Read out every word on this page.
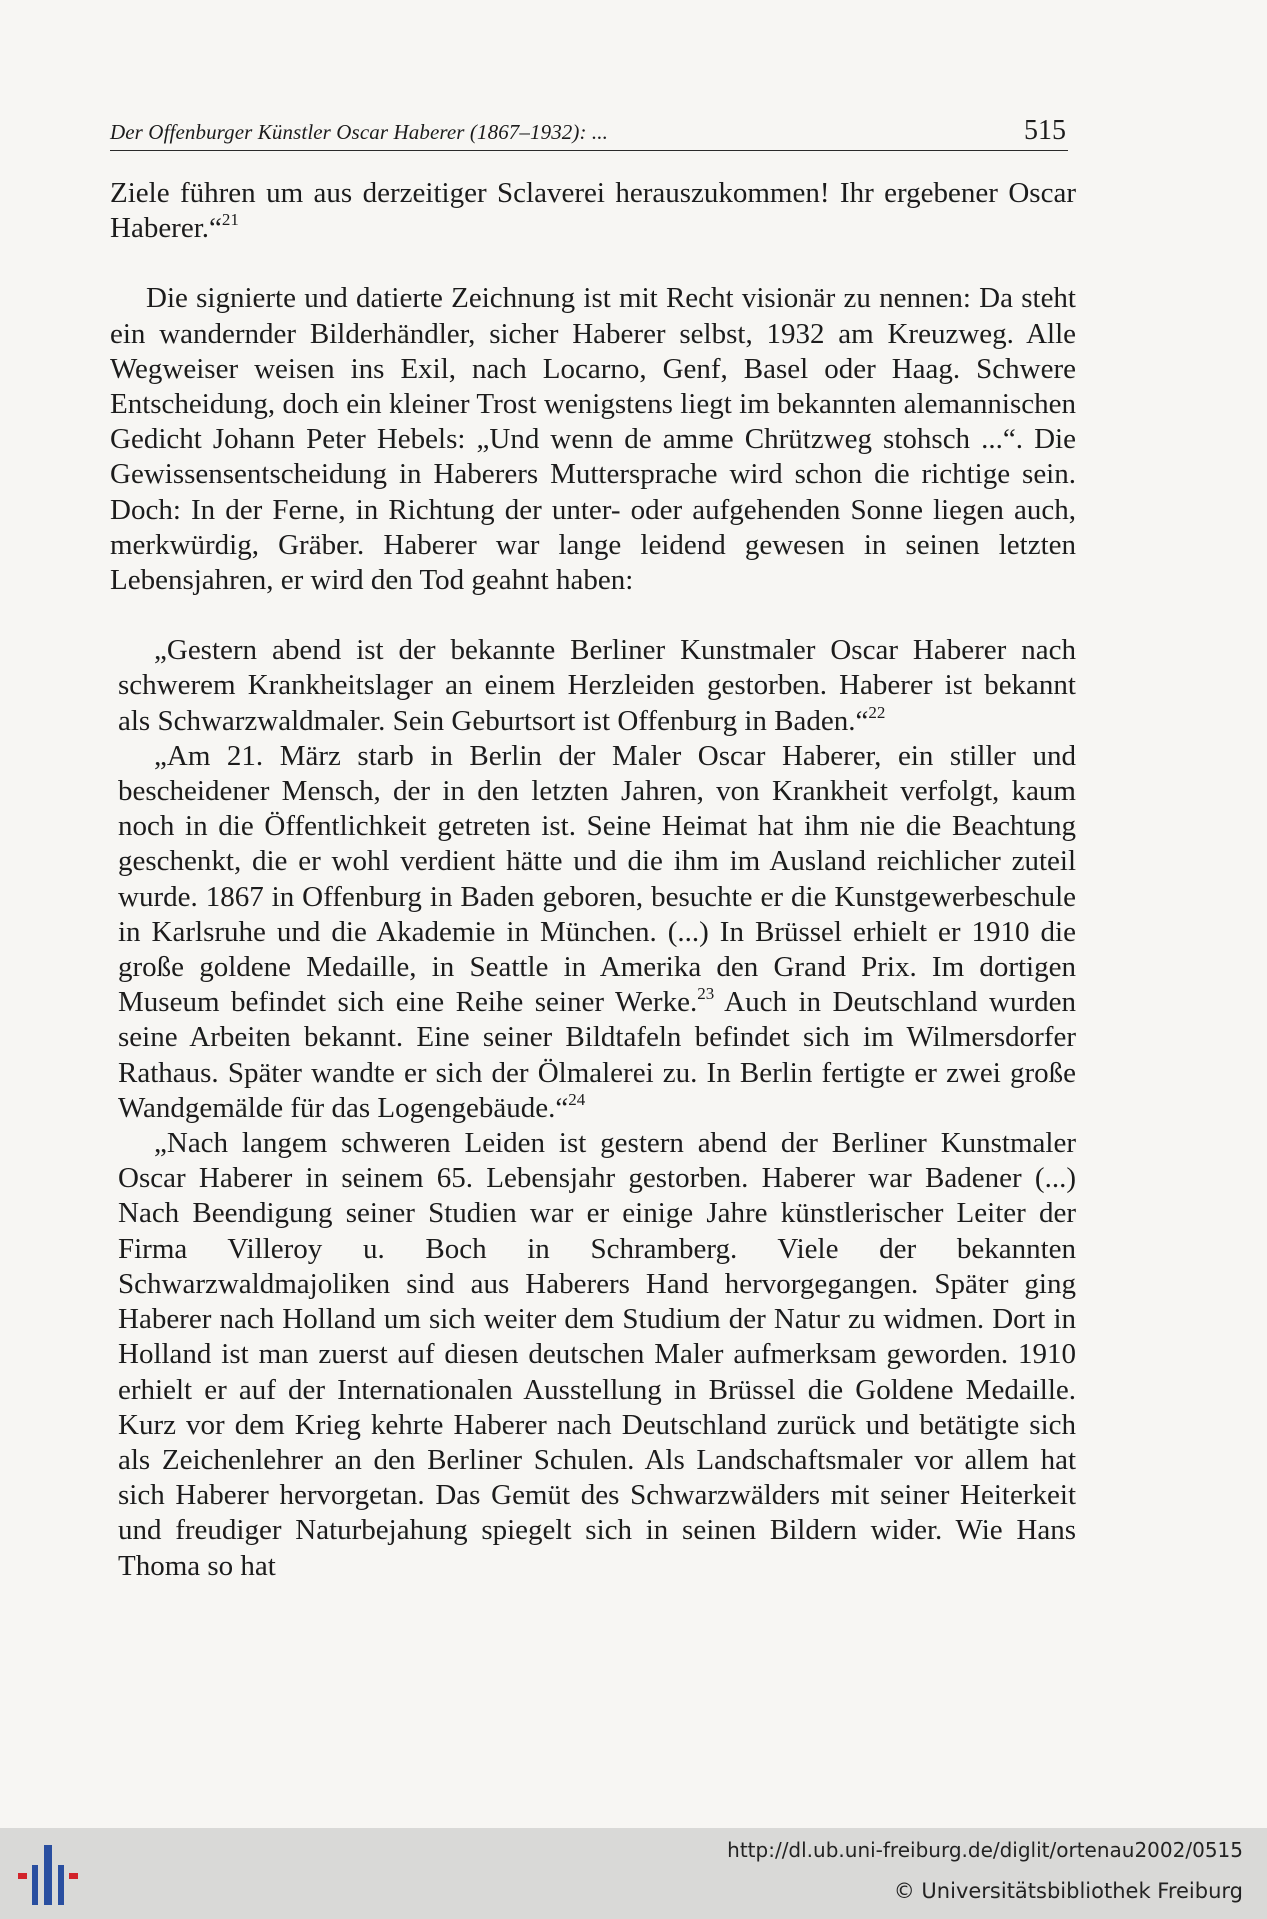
Der Offenburger Künstler Oscar Haberer (1867–1932): ...	515

Ziele führen um aus derzeitiger Sclaverei herauszukommen! Ihr ergebener Oscar Haberer.“$^{21}$

Die signierte und datierte Zeichnung ist mit Recht visionär zu nennen: Da steht ein wandernder Bilderhändler, sicher Haberer selbst, 1932 am Kreuzweg. Alle Wegweiser weisen ins Exil, nach Locarno, Genf, Basel oder Haag. Schwere Entscheidung, doch ein kleiner Trost wenigstens liegt im bekannten alemannischen Gedicht Johann Peter Hebels: „Und wenn de amme Chrützweg stohsch ...“. Die Gewissensentscheidung in Haberers Muttersprache wird schon die richtige sein. Doch: In der Ferne, in Richtung der unter- oder aufgehenden Sonne liegen auch, merkwürdig, Gräber. Haberer war lange leidend gewesen in seinen letzten Lebensjahren, er wird den Tod geahnt haben:

„Gestern abend ist der bekannte Berliner Kunstmaler Oscar Haberer nach schwerem Krankheitslager an einem Herzleiden gestorben. Haberer ist bekannt als Schwarzwaldmaler. Sein Geburtsort ist Offenburg in Baden.“$^{22}$

„Am 21. März starb in Berlin der Maler Oscar Haberer, ein stiller und bescheidener Mensch, der in den letzten Jahren, von Krankheit verfolgt, kaum noch in die Öffentlichkeit getreten ist. Seine Heimat hat ihm nie die Beachtung geschenkt, die er wohl verdient hätte und die ihm im Ausland reichlicher zuteil wurde. 1867 in Offenburg in Baden geboren, besuchte er die Kunstgewerbeschule in Karlsruhe und die Akademie in München. (...) In Brüssel erhielt er 1910 die große goldene Medaille, in Seattle in Amerika den Grand Prix. Im dortigen Museum befindet sich eine Reihe seiner Werke.$^{23}$ Auch in Deutschland wurden seine Arbeiten bekannt. Eine seiner Bildtafeln befindet sich im Wilmersdorfer Rathaus. Später wandte er sich der Ölmalerei zu. In Berlin fertigte er zwei große Wandgemälde für das Logengebäude.“$^{24}$

„Nach langem schweren Leiden ist gestern abend der Berliner Kunstmaler Oscar Haberer in seinem 65. Lebensjahr gestorben. Haberer war Badener (...) Nach Beendigung seiner Studien war er einige Jahre künstlerischer Leiter der Firma Villeroy u. Boch in Schramberg. Viele der bekannten Schwarzwaldmajoliken sind aus Haberers Hand hervorgegangen. Später ging Haberer nach Holland um sich weiter dem Studium der Natur zu widmen. Dort in Holland ist man zuerst auf diesen deutschen Maler aufmerksam geworden. 1910 erhielt er auf der Internationalen Ausstellung in Brüssel die Goldene Medaille. Kurz vor dem Krieg kehrte Haberer nach Deutschland zurück und betätigte sich als Zeichenlehrer an den Berliner Schulen. Als Landschaftsmaler vor allem hat sich Haberer hervorgetan. Das Gemüt des Schwarzwälders mit seiner Heiterkeit und freudiger Naturbejahung spiegelt sich in seinen Bildern wider. Wie Hans Thoma so hat

http://dl.ub.uni-freiburg.de/diglit/ortenau2002/0515
© Universitätsbibliothek Freiburg
